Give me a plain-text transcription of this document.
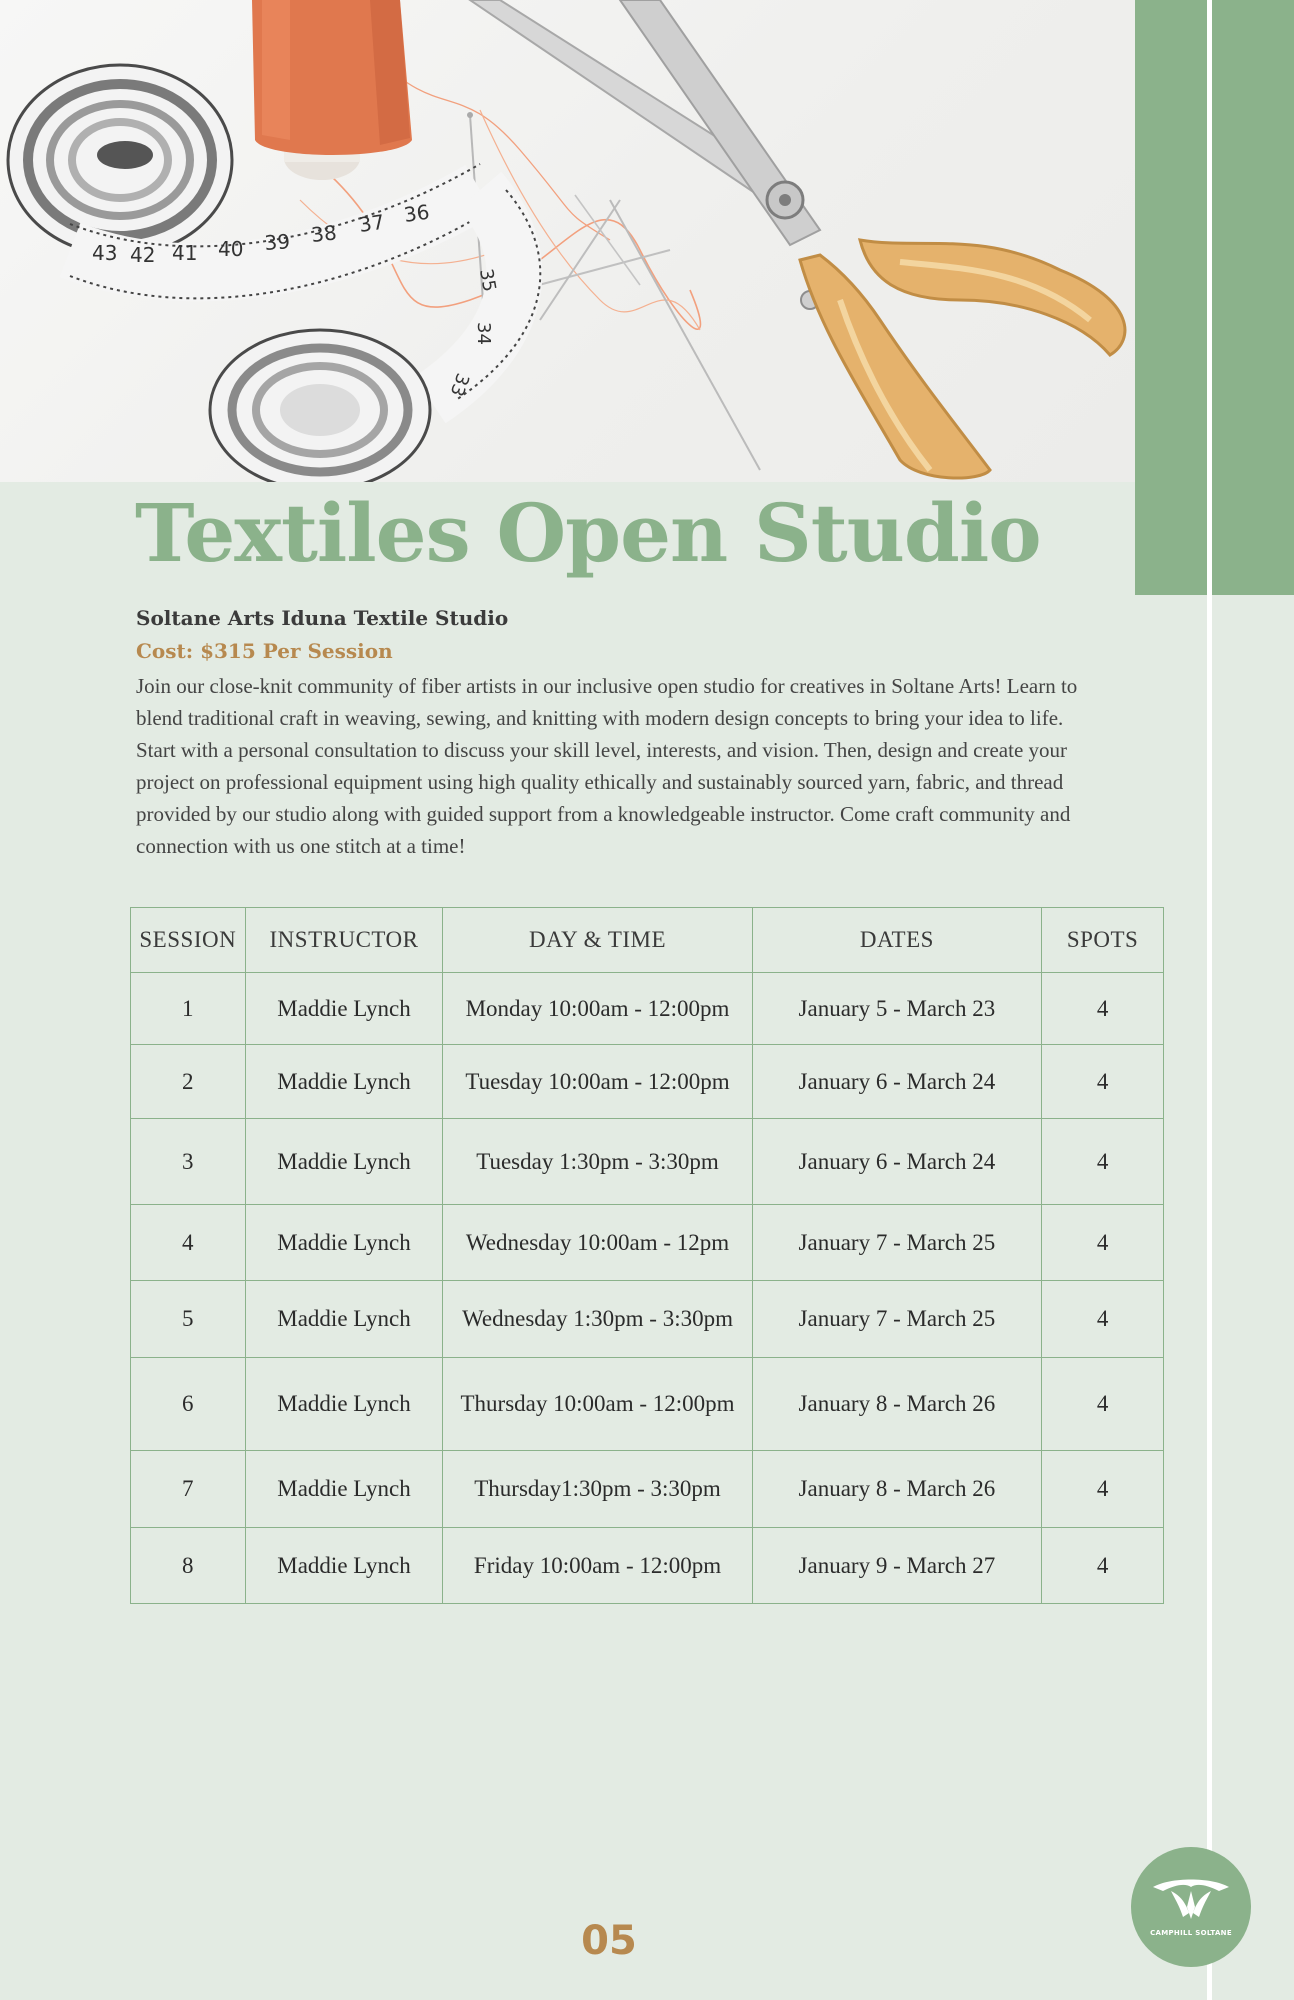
36
37
38
39
40
41
42
43
35
34
33
Textiles Open Studio
Soltane Arts Iduna Textile Studio
Cost: $315 Per Session

Join our close-knit community of fiber artists in our inclusive open studio for creatives in Soltane Arts! Learn to blend traditional craft in weaving, sewing, and knitting with modern design concepts to bring your idea to life. Start with a personal consultation to discuss your skill level, interests, and vision. Then, design and create your project on professional equipment using high quality ethically and sustainably sourced yarn, fabric, and thread provided by our studio along with guided support from a knowledgeable instructor. Come craft community and connection with us one stitch at a time!

SESSION	INSTRUCTOR	DAY & TIME	DATES	SPOTS
1	Maddie Lynch	Monday 10:00am - 12:00pm	January 5 - March 23	4
2	Maddie Lynch	Tuesday 10:00am - 12:00pm	January 6 - March 24	4
3	Maddie Lynch	Tuesday 1:30pm - 3:30pm	January 6 - March 24	4
4	Maddie Lynch	Wednesday 10:00am - 12pm	January 7 - March 25	4
5	Maddie Lynch	Wednesday 1:30pm - 3:30pm	January 7 - March 25	4
6	Maddie Lynch	Thursday 10:00am - 12:00pm	January 8 - March 26	4
7	Maddie Lynch	Thursday1:30pm - 3:30pm	January 8 - March 26	4
8	Maddie Lynch	Friday 10:00am - 12:00pm	January 9 - March 27	4
05	CAMPHILL SOLTANE
